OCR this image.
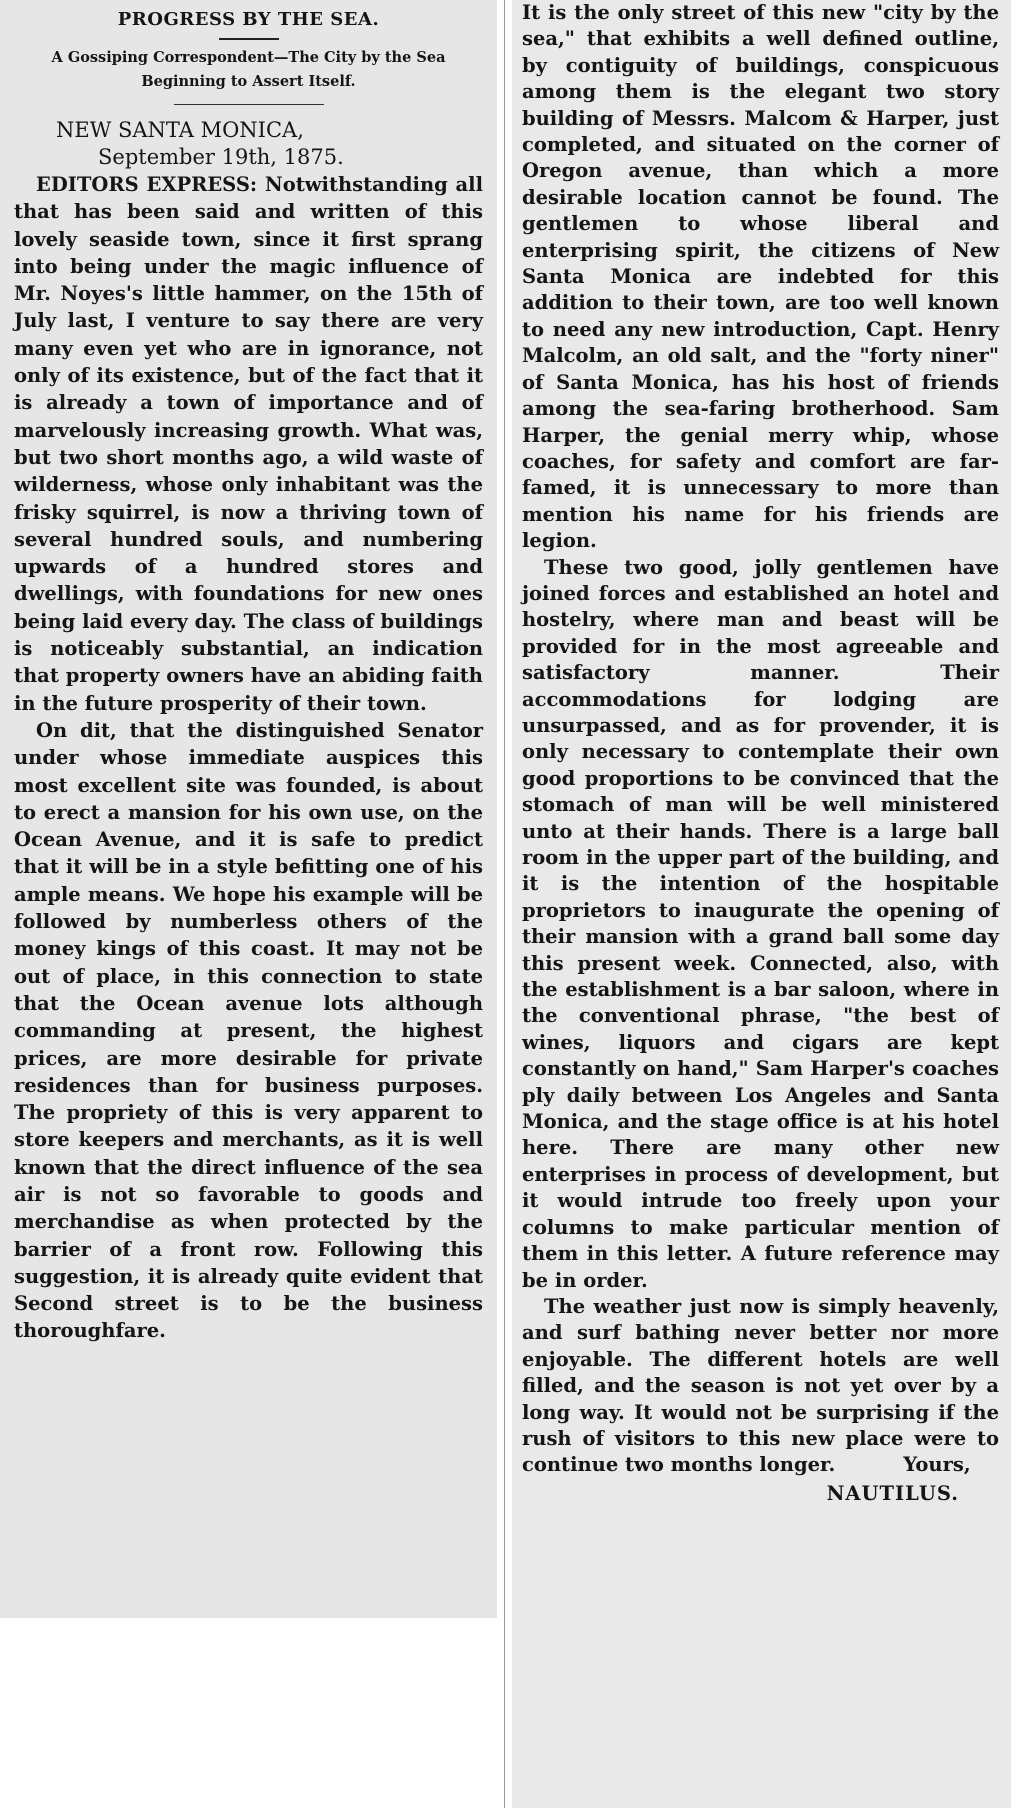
PROGRESS BY THE SEA.
A Gossiping Correspondent—The City by the Sea Beginning to Assert Itself.
NEW SANTA MONICA,
September 19th, 1875.

EDITORS EXPRESS: Notwithstanding all that has been said and written of this lovely seaside town, since it first sprang into being under the magic influence of Mr. Noyes's little hammer, on the 15th of July last, I venture to say there are very many even yet who are in ignorance, not only of its existence, but of the fact that it is already a town of importance and of marvelously increasing growth. What was, but two short months ago, a wild waste of wilderness, whose only inhabitant was the frisky squirrel, is now a thriving town of several hundred souls, and numbering upwards of a hundred stores and dwellings, with foundations for new ones being laid every day. The class of buildings is noticeably substantial, an indication that property owners have an abiding faith in the future prosperity of their town.

On dit, that the distinguished Senator under whose immediate auspices this most excellent site was founded, is about to erect a mansion for his own use, on the Ocean Avenue, and it is safe to predict that it will be in a style befitting one of his ample means. We hope his example will be followed by numberless others of the money kings of this coast. It may not be out of place, in this connection to state that the Ocean avenue lots although commanding at present, the highest prices, are more desirable for private residences than for business purposes. The propriety of this is very apparent to store keepers and merchants, as it is well known that the direct influence of the sea air is not so favorable to goods and merchandise as when protected by the barrier of a front row. Following this suggestion, it is already quite evident that Second street is to be the business thoroughfare.

It is the only street of this new "city by the sea," that exhibits a well defined outline, by contiguity of buildings, conspicuous among them is the elegant two story building of Messrs. Malcom & Harper, just completed, and situated on the corner of Oregon avenue, than which a more desirable location cannot be found. The gentlemen to whose liberal and enterprising spirit, the citizens of New Santa Monica are indebted for this addition to their town, are too well known to need any new introduction, Capt. Henry Malcolm, an old salt, and the "forty niner" of Santa Monica, has his host of friends among the sea-faring brotherhood. Sam Harper, the genial merry whip, whose coaches, for safety and comfort are far-famed, it is unnecessary to more than mention his name for his friends are legion.

These two good, jolly gentlemen have joined forces and established an hotel and hostelry, where man and beast will be provided for in the most agreeable and satisfactory manner. Their accommodations for lodging are unsurpassed, and as for provender, it is only necessary to contemplate their own good proportions to be convinced that the stomach of man will be well ministered unto at their hands. There is a large ball room in the upper part of the building, and it is the intention of the hospitable proprietors to inaugurate the opening of their mansion with a grand ball some day this present week. Connected, also, with the establishment is a bar saloon, where in the conventional phrase, "the best of wines, liquors and cigars are kept constantly on hand," Sam Harper's coaches ply daily between Los Angeles and Santa Monica, and the stage office is at his hotel here. There are many other new enterprises in process of development, but it would intrude too freely upon your columns to make particular mention of them in this letter. A future reference may be in order.

The weather just now is simply heavenly, and surf bathing never better nor more enjoyable. The different hotels are well filled, and the season is not yet over by a long way. It would not be surprising if the rush of visitors to this new place were to continue two months longer.	Yours,

NAUTILUS.
